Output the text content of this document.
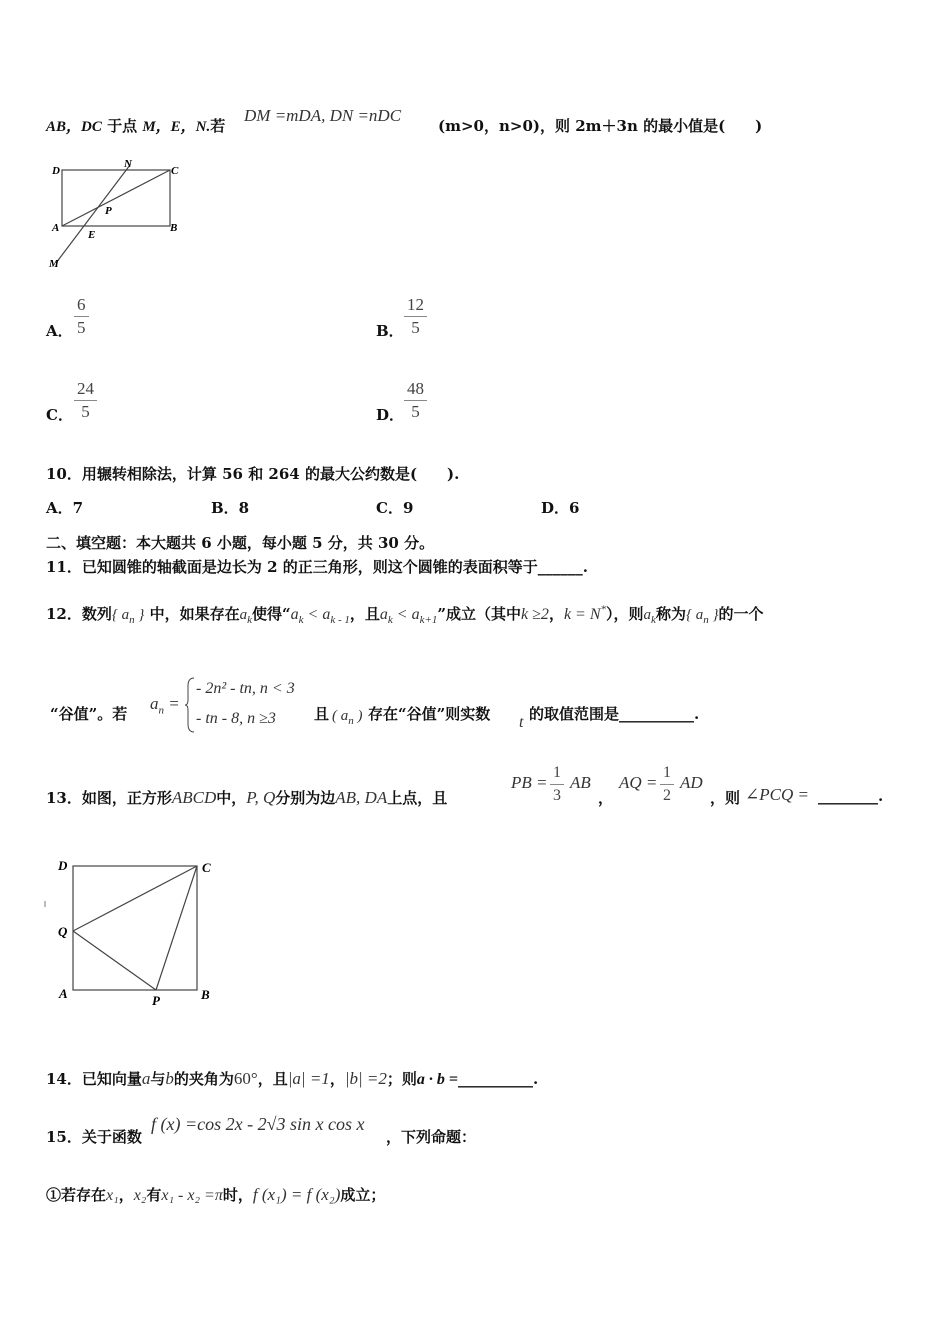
AB，DC 于点 M，E，N.若
DM =mDA, DN =nDC
(m>0，n>0)，则 2m＋3n 的最小值是(　　)
D
N
C
P
A
E
B
M
A． $\frac{6}{5}$	B． $\frac{12}{5}$
C． $\frac{24}{5}$	D． $\frac{48}{5}$
10．用辗转相除法，计算 56 和 264 的最大公约数是(　　).
A．7	B．8	C．9	D．6
二、填空题：本大题共 6 小题，每小题 5 分，共 30 分。
11．已知圆锥的轴截面是边长为 2 的正三角形，则这个圆锥的表面积等于______.
12．数列{ $a_n$ } 中，如果存在$a_k$使得“$a_k < a_{k - 1}$，且$a_k < a_{k+1}$”成立（其中k ≥2，k = N*），则$a_k$称为{ $a_n$ }的一个
“谷值”。若
$a_n$ =
- 2n² - tn, n < 3
- tn - 8, n ≥3	且 ( $a_n$ ) 存在“谷值”则实数 t 的取值范围是__________.
13．如图，正方形ABCD中，P, Q分别为边AB, DA上点，且
PB = $\frac{1}{3}$ AB
，
AQ = $\frac{1}{2}$ AD
，则 ∠PCQ = ________.
D	C
Q
A	P	B
14．已知向量a与b的夹角为60°，且|a| =1，|b| =2；则a · b =__________.
15．关于函数
f (x) =cos 2x - 2√3 sin x cos x
，下列命题：
①若存在x₁，x₂有x₁ - x₂ =π时，f (x₁) = f (x₂)成立；
